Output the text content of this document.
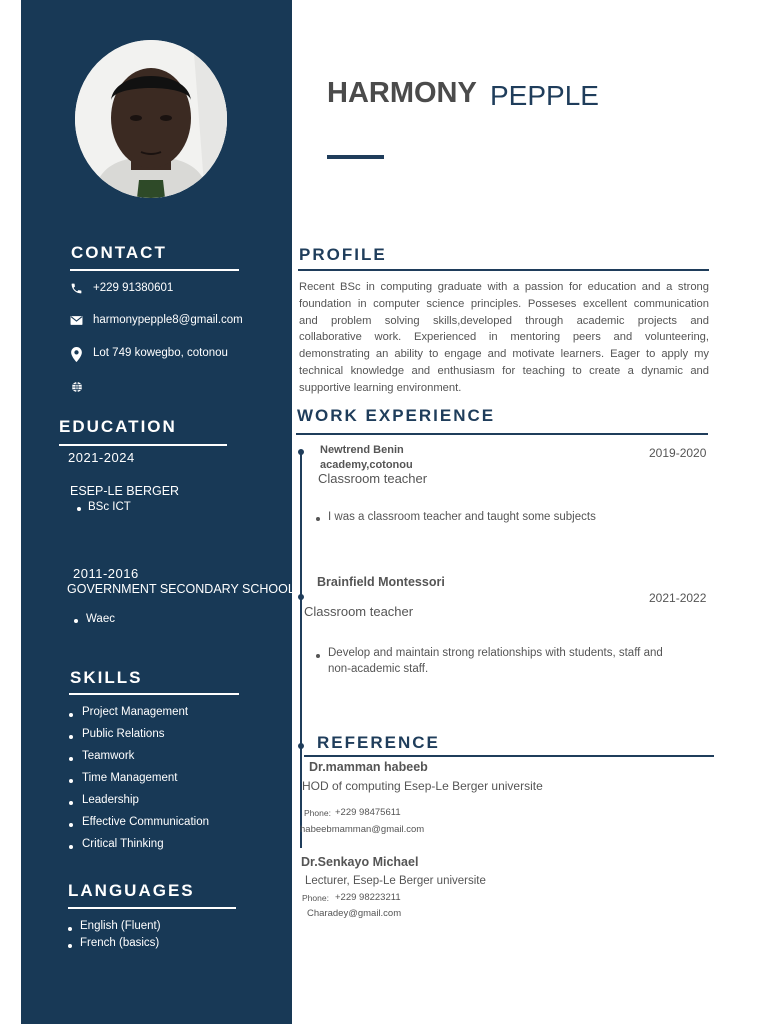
CONTACT
+229 91380601
harmonypepple8@gmail.com
Lot 749 kowegbo, cotonou
EDUCATION
2021-2024
ESEP-LE BERGER
BSc ICT
2011-2016
GOVERNMENT SECONDARY SCHOOL
Waec
SKILLS
Project Management
Public Relations
Teamwork
Time Management
Leadership
Effective Communication
Critical Thinking
LANGUAGES
English (Fluent)
French (basics)
HARMONY PEPPLE
PROFILE
Recent BSc in computing graduate with a passion for education and a strong
foundation in computer science principles. Posseses excellent communication
and problem solving skills,developed through academic projects and
collaborative work. Experienced in mentoring peers and volunteering,
demonstrating an ability to engage and motivate learners. Eager to apply my
technical knowledge and enthusiasm for teaching to create a dynamic and
supportive learning environment.
WORK EXPERIENCE
Newtrend Benin
academy,cotonou
2019-2020
Classroom teacher
I was a classroom teacher and taught some subjects
Brainfield Montessori
2021-2022
Classroom teacher
Develop and maintain strong relationships with students, staff and
non-academic staff.
REFERENCE
Dr.mamman habeeb
HOD of computing Esep-Le Berger universite
Phone: +229 98475611
habeebmamman@gmail.com
Dr.Senkayo Michael
Lecturer, Esep-Le Berger universite
Phone: +229 98223211
Charadey@gmail.com
